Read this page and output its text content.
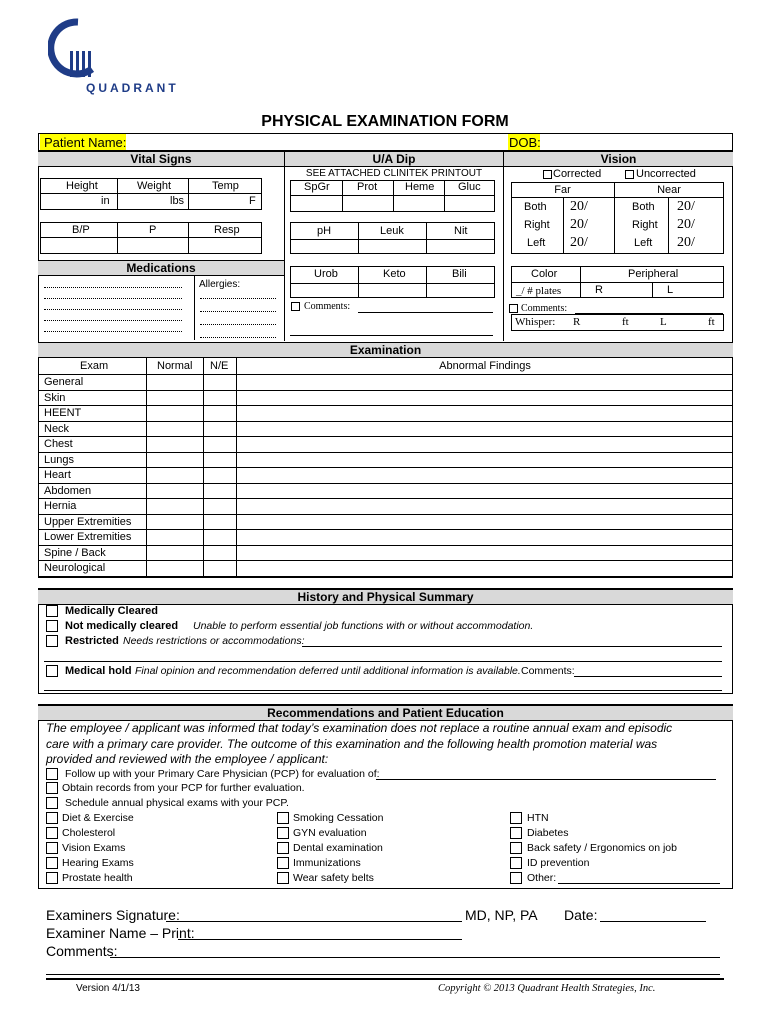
QUADRANT
PHYSICAL EXAMINATION FORM
Patient Name:	DOB:
Vital Signs	U/A Dip	Vision
Height	Weight	Temp
in	lbs	F
B/P	P	Resp
Medications
Allergies:
SEE ATTACHED CLINITEK PRINTOUT
SpGr Prot	Heme Gluc
pH	Leuk	Nit
Urob	Keto	Bili
Comments:
Corrected	Uncorrected
Far	Near
Both 20/	Both 20/
Right 20/	Right 20/
Left 20/	Left 20/
Color	Peripheral
_/ # plates	R	L
Comments:
Whisper: R	ft	L	ft
Examination
Exam	Normal N/E	Abnormal Findings
General
Skin
HEENT
Neck
Chest
Lungs
Heart
Abdomen
Hernia
Upper Extremities
Lower Extremities
Spine / Back
Neurological
History and Physical Summary
Medically Cleared
Not medically cleared Unable to perform essential job functions with or without accommodation.
Restricted Needs restrictions or accommodations:
Medical hold Final opinion and recommendation deferred until additional information is available. Comments:
Recommendations and Patient Education
The employee / applicant was informed that today’s examination does not replace a routine annual exam and episodic
care with a primary care provider. The outcome of this examination and the following health promotion material was
provided and reviewed with the employee / applicant:
Follow up with your Primary Care Physician (PCP) for evaluation of:
Obtain records from your PCP for further evaluation.
Schedule annual physical exams with your PCP.
Diet & Exercise
Cholesterol
Vision Exams
Hearing Exams
Prostate health
Smoking Cessation
GYN evaluation
Dental examination
Immunizations
Wear safety belts
HTN
Diabetes
Back safety / Ergonomics on job
ID prevention
Other:
Examiners Signature:	MD, NP, PA Date:
Examiner Name – Print:
Comments:
Version 4/1/13	Copyright © 2013 Quadrant Health Strategies, Inc.
